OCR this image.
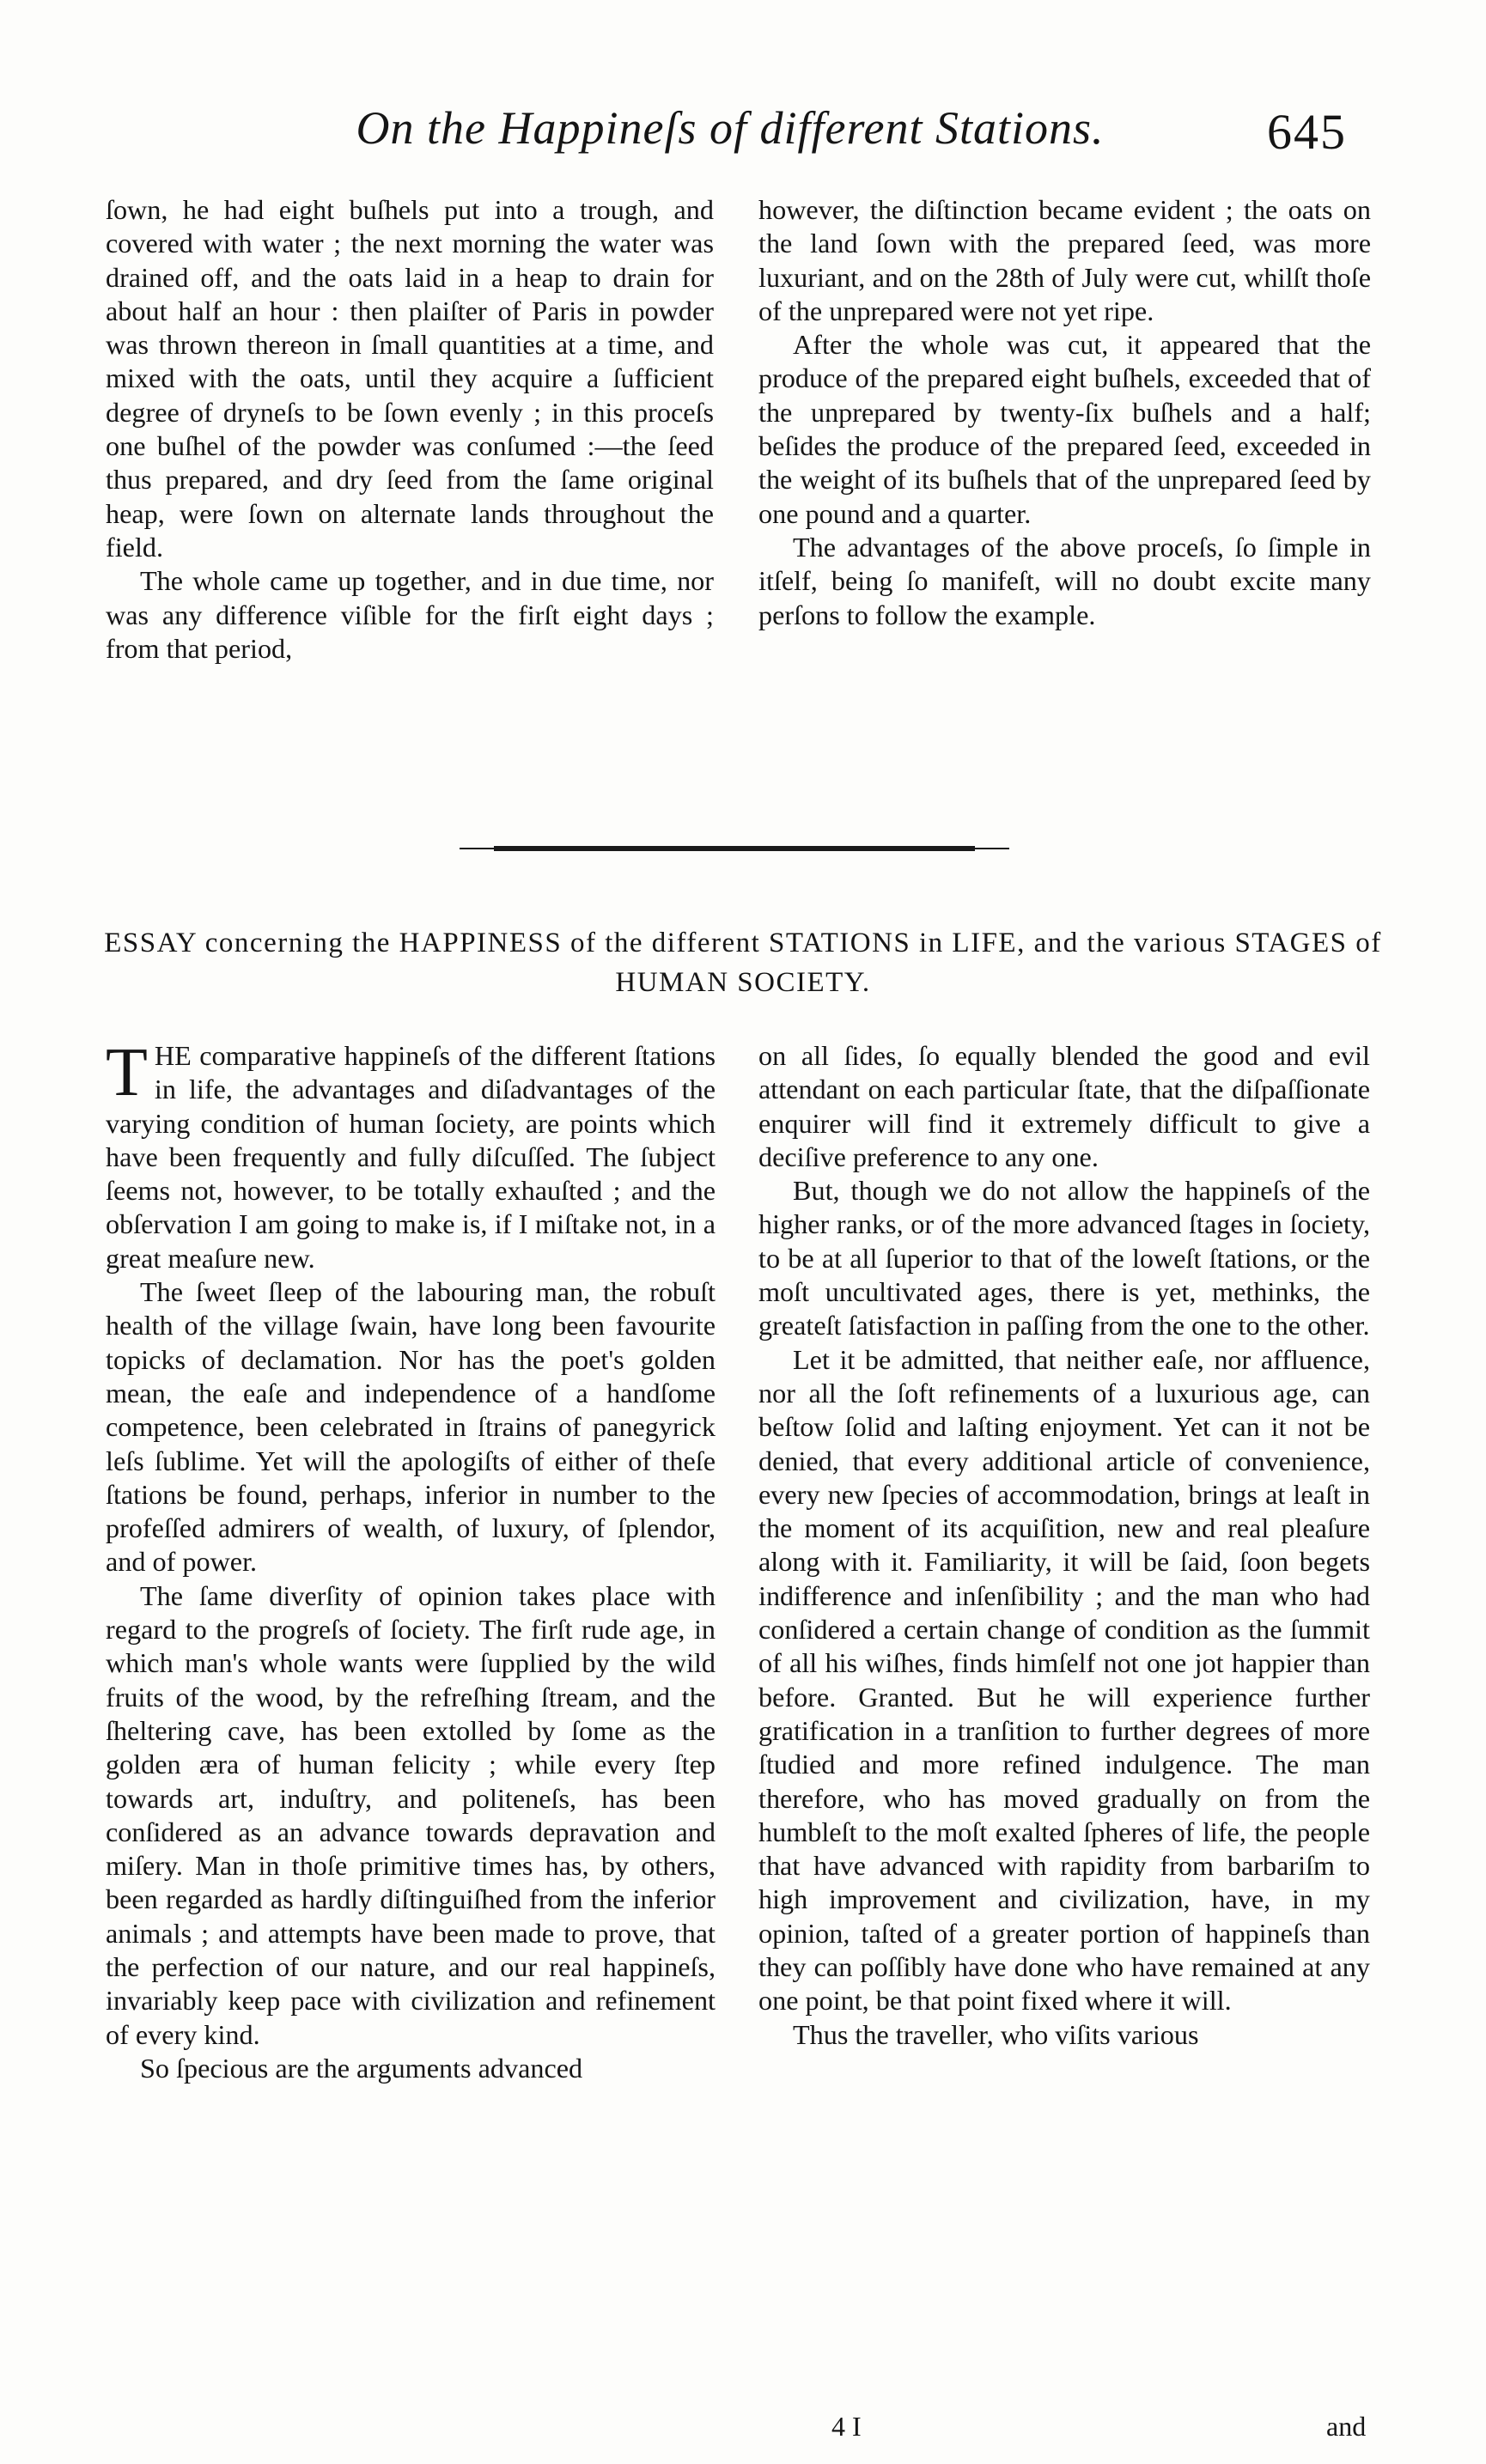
On the Happineſs of different Stations.	645

ſown, he had eight buſhels put into a trough, and covered with water ; the next morning the water was drained off, and the oats laid in a heap to drain for about half an hour : then plaiſter of Paris in powder was thrown thereon in ſmall quantities at a time, and mixed with the oats, until they acquire a ſufficient degree of dryneſs to be ſown evenly ; in this proceſs one buſhel of the powder was conſumed :—the ſeed thus prepared, and dry ſeed from the ſame original heap, were ſown on alternate lands throughout the field.

The whole came up together, and in due time, nor was any difference viſible for the firſt eight days ; from that period,

however, the diſtinction became evident ; the oats on the land ſown with the prepared ſeed, was more luxuriant, and on the 28th of July were cut, whilſt thoſe of the unprepared were not yet ripe.

After the whole was cut, it appeared that the produce of the prepared eight buſhels, exceeded that of the unprepared by twenty-ſix buſhels and a half; beſides the produce of the prepared ſeed, exceeded in the weight of its buſhels that of the unprepared ſeed by one pound and a quarter.

The advantages of the above proceſs, ſo ſimple in itſelf, being ſo manifeſt, will no doubt excite many perſons to follow the example.

ESSAY concerning the HAPPINESS of the different STATIONS in LIFE, and the various STAGES of HUMAN SOCIETY.

THE comparative happineſs of the different ſtations in life, the advantages and diſadvantages of the varying condition of human ſociety, are points which have been frequently and fully diſcuſſed. The ſubject ſeems not, however, to be totally exhauſted ; and the obſervation I am going to make is, if I miſtake not, in a great meaſure new.

The ſweet ſleep of the labouring man, the robuſt health of the village ſwain, have long been favourite topicks of declamation. Nor has the poet's golden mean, the eaſe and independence of a handſome competence, been celebrated in ſtrains of panegyrick leſs ſublime. Yet will the apologiſts of either of theſe ſtations be found, perhaps, inferior in number to the profeſſed admirers of wealth, of luxury, of ſplendor, and of power.

The ſame diverſity of opinion takes place with regard to the progreſs of ſociety. The firſt rude age, in which man's whole wants were ſupplied by the wild fruits of the wood, by the refreſhing ſtream, and the ſheltering cave, has been extolled by ſome as the golden æra of human felicity ; while every ſtep towards art, induſtry, and politeneſs, has been conſidered as an advance towards depravation and miſery. Man in thoſe primitive times has, by others, been regarded as hardly diſtinguiſhed from the inferior animals ; and attempts have been made to prove, that the perfection of our nature, and our real happineſs, invariably keep pace with civilization and refinement of every kind.

So ſpecious are the arguments advanced

on all ſides, ſo equally blended the good and evil attendant on each particular ſtate, that the diſpaſſionate enquirer will find it extremely difficult to give a deciſive preference to any one.

But, though we do not allow the happineſs of the higher ranks, or of the more advanced ſtages in ſociety, to be at all ſuperior to that of the loweſt ſtations, or the moſt uncultivated ages, there is yet, methinks, the greateſt ſatisfaction in paſſing from the one to the other.

Let it be admitted, that neither eaſe, nor affluence, nor all the ſoft refinements of a luxurious age, can beſtow ſolid and laſting enjoyment. Yet can it not be denied, that every additional article of convenience, every new ſpecies of accommodation, brings at leaſt in the moment of its acquiſition, new and real pleaſure along with it. Familiarity, it will be ſaid, ſoon begets indifference and inſenſibility ; and the man who had conſidered a certain change of condition as the ſummit of all his wiſhes, finds himſelf not one jot happier than before. Granted. But he will experience further gratification in a tranſition to further degrees of more ſtudied and more refined indulgence. The man therefore, who has moved gradually on from the humbleſt to the moſt exalted ſpheres of life, the people that have advanced with rapidity from barbariſm to high improvement and civilization, have, in my opinion, taſted of a greater portion of happineſs than they can poſſibly have done who have remained at any one point, be that point fixed where it will.

Thus the traveller, who viſits various

4 I	and
